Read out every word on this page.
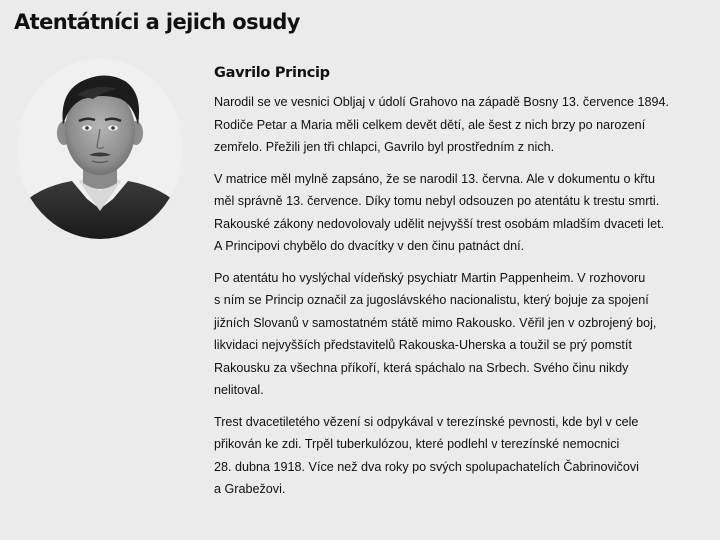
Atentátníci a jejich osudy
Gavrilo Princip

Narodil se ve vesnici Obljaj v údolí Grahovo na západě Bosny 13. července 1894.
Rodiče Petar a Maria měli celkem devět dětí, ale šest z nich brzy po narození
zemřelo. Přežili jen tři chlapci, Gavrilo byl prostředním z nich.

V matrice měl mylně zapsáno, že se narodil 13. června. Ale v dokumentu o křtu
měl správně 13. července. Díky tomu nebyl odsouzen po atentátu k trestu smrti.
Rakouské zákony nedovolovaly udělit nejvyšší trest osobám mladším dvaceti let.
A Principovi chybělo do dvacítky v den činu patnáct dní.

Po atentátu ho vyslýchal vídeňský psychiatr Martin Pappenheim. V rozhovoru
s ním se Princip označil za jugoslávského nacionalistu, který bojuje za spojení
jižních Slovanů v samostatném státě mimo Rakousko. Věřil jen v ozbrojený boj,
likvidaci nejvyšších představitelů Rakouska-Uherska a toužil se prý pomstít
Rakousku za všechna příkoří, která spáchalo na Srbech. Svého činu nikdy
nelitoval.

Trest dvacetiletého vězení si odpykával v terezínské pevnosti, kde byl v cele
přikován ke zdi. Trpěl tuberkulózou, které podlehl v terezínské nemocnici
28. dubna 1918. Více než dva roky po svých spolupachatelích Čabrinovičovi
a Grabežovi.
